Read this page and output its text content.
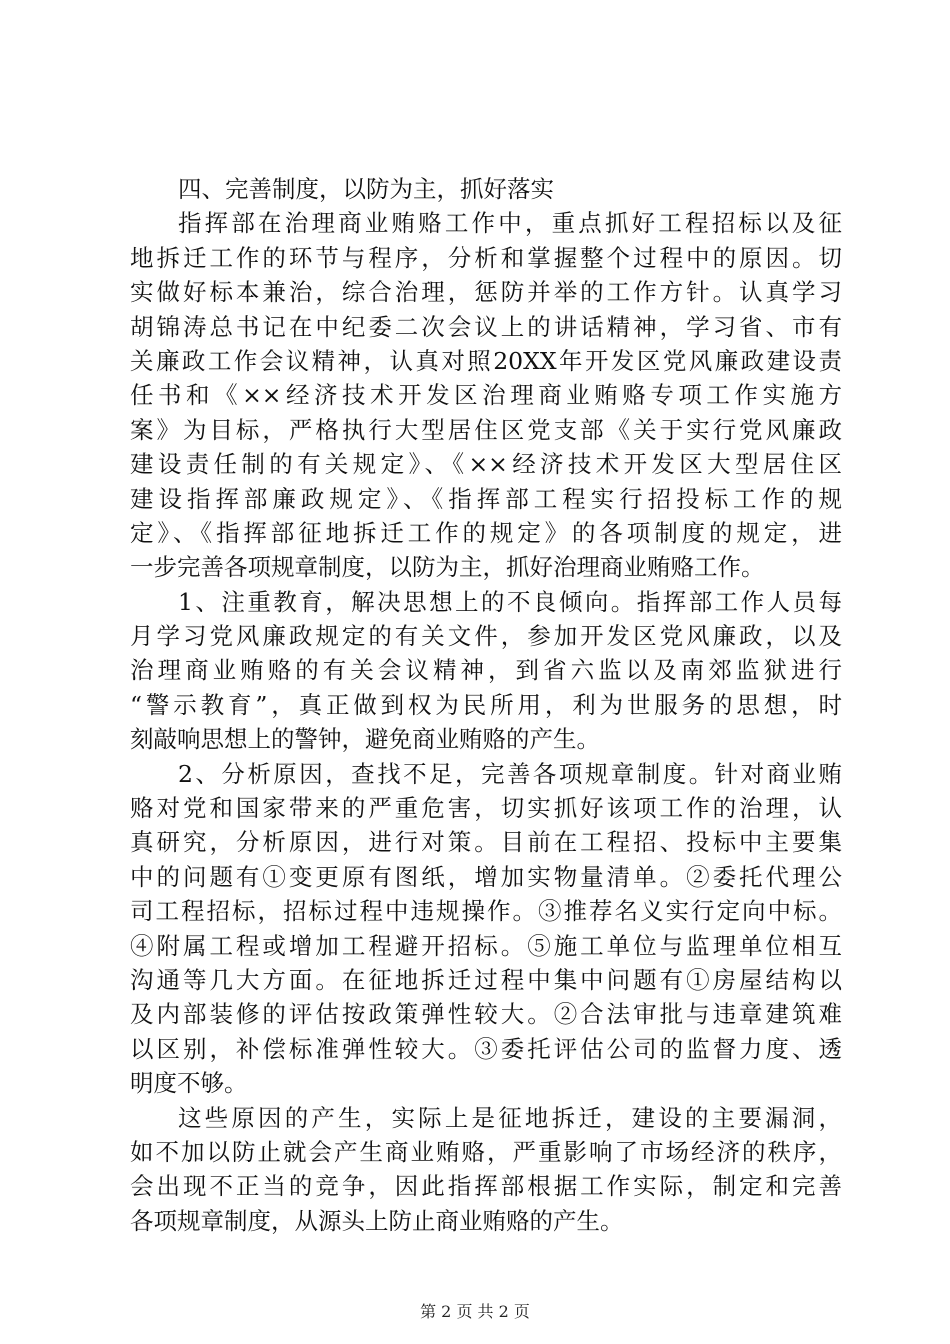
四、完善制度，以防为主，抓好落实
指挥部在治理商业贿赂工作中，重点抓好工程招标以及征
地拆迁工作的环节与程序，分析和掌握整个过程中的原因。切
实做好标本兼治，综合治理，惩防并举的工作方针。认真学习
胡锦涛总书记在中纪委二次会议上的讲话精神，学习省、市有
关廉政工作会议精神，认真对照20XX年开发区党风廉政建设责
任书和《××经济技术开发区治理商业贿赂专项工作实施方
案》为目标，严格执行大型居住区党支部《关于实行党风廉政
建设责任制的有关规定》、《××经济技术开发区大型居住区
建设指挥部廉政规定》、《指挥部工程实行招投标工作的规
定》、《指挥部征地拆迁工作的规定》的各项制度的规定，进
一步完善各项规章制度，以防为主，抓好治理商业贿赂工作。
1、注重教育，解决思想上的不良倾向。指挥部工作人员每
月学习党风廉政规定的有关文件，参加开发区党风廉政，以及
治理商业贿赂的有关会议精神，到省六监以及南郊监狱进行
“警示教育”，真正做到权为民所用，利为世服务的思想，时
刻敲响思想上的警钟，避免商业贿赂的产生。
2、分析原因，查找不足，完善各项规章制度。针对商业贿
赂对党和国家带来的严重危害，切实抓好该项工作的治理，认
真研究，分析原因，进行对策。目前在工程招、投标中主要集
中的问题有①变更原有图纸，增加实物量清单。②委托代理公
司工程招标，招标过程中违规操作。③推荐名义实行定向中标。
④附属工程或增加工程避开招标。⑤施工单位与监理单位相互
沟通等几大方面。在征地拆迁过程中集中问题有①房屋结构以
及内部装修的评估按政策弹性较大。②合法审批与违章建筑难
以区别，补偿标准弹性较大。③委托评估公司的监督力度、透
明度不够。
这些原因的产生，实际上是征地拆迁，建设的主要漏洞，
如不加以防止就会产生商业贿赂，严重影响了市场经济的秩序，
会出现不正当的竞争，因此指挥部根据工作实际，制定和完善
各项规章制度，从源头上防止商业贿赂的产生。
第 2 页 共 2 页
